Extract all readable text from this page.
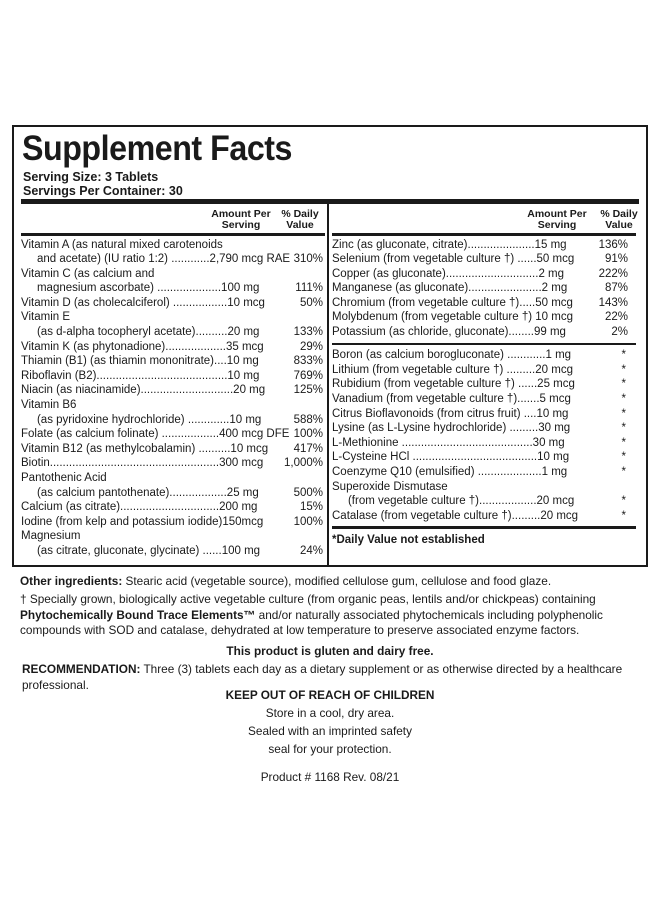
Supplement Facts
Serving Size: 3 Tablets
Servings Per Container: 30
Amount Per
Serving
% Daily
Value
Vitamin A (as natural mixed carotenoids
and acetate) (IU ratio 1:2) ............2,790 mcg RAE 310%
Vitamin C (as calcium and
magnesium ascorbate) ....................100 mg	111%
Vitamin D (as cholecalciferol) .................10 mcg	50%
Vitamin E
(as d-alpha tocopheryl acetate)..........20 mg	133%
Vitamin K (as phytonadione)...................35 mcg	29%
Thiamin (B1) (as thiamin mononitrate)....10 mg	833%
Riboflavin (B2).........................................10 mg	769%
Niacin (as niacinamide).............................20 mg 125%
Vitamin B6
(as pyridoxine hydrochloride) .............10 mg	588%
Folate (as calcium folinate) ..................400 mcg DFE 100%
Vitamin B12 (as methylcobalamin) ..........10 mcg 417%
Biotin.....................................................300 mcg 1,000%
Pantothenic Acid
(as calcium pantothenate)..................25 mg	500%
Calcium (as citrate)...............................200 mg	15%
Iodine (from kelp and potassium iodide)150mcg	100%
Magnesium
(as citrate, gluconate, glycinate) ......100 mg	24%
Amount Per
Serving
% Daily
Value
Zinc (as gluconate, citrate).....................15 mg	136%
Selenium (from vegetable culture †) ......50 mcg	91%
Copper (as gluconate).............................2 mg	222%
Manganese (as gluconate).......................2 mg	87%
Chromium (from vegetable culture †).....50 mcg 143%
Molybdenum (from vegetable culture †) 10 mcg	22%
Potassium (as chloride, gluconate)........99 mg	2%
Boron (as calcium borogluconate) ............1 mg	*
Lithium (from vegetable culture †) .........20 mcg	*
Rubidium (from vegetable culture †) ......25 mcg	*
Vanadium (from vegetable culture †).......5 mcg	*
Citrus Bioflavonoids (from citrus fruit) ....10 mg	*
Lysine (as L-Lysine hydrochloride) .........30 mg	*
L-Methionine .........................................30 mg	*
L-Cysteine HCl .......................................10 mg	*
Coenzyme Q10 (emulsified) ....................1 mg	*
Superoxide Dismutase
(from vegetable culture †)..................20 mcg	*
Catalase (from vegetable culture †).........20 mcg	*
*Daily Value not established
Other ingredients: Stearic acid (vegetable source), modified cellulose gum, cellulose and food glaze.
† Specially grown, biologically active vegetable culture (from organic peas, lentils and/or chickpeas) containing
Phytochemically Bound Trace Elements™ and/or naturally associated phytochemicals including polyphenolic compounds with SOD and catalase, dehydrated at low temperature to preserve associated enzyme factors.
This product is gluten and dairy free.
RECOMMENDATION: Three (3) tablets each day as a dietary supplement or as otherwise directed by a healthcare professional.
KEEP OUT OF REACH OF CHILDREN
Store in a cool, dry area.
Sealed with an imprinted safety
seal for your protection.
Product # 1168 Rev. 08/21
